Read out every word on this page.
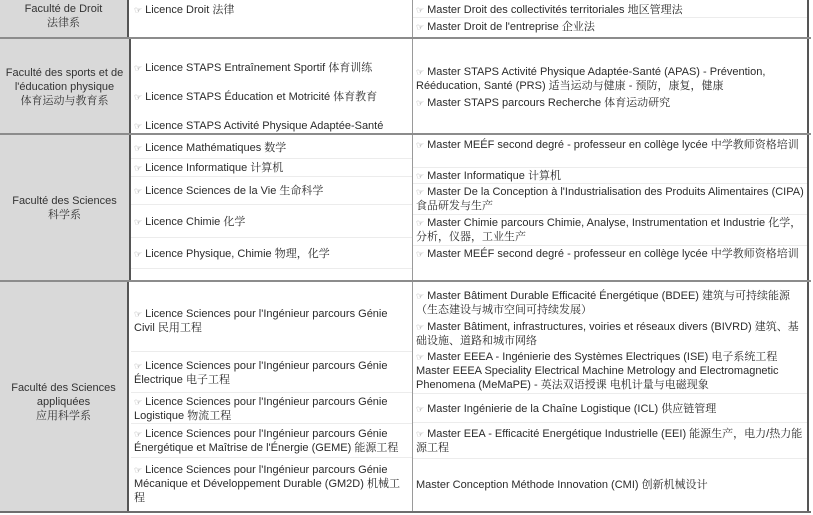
Faculté de Droit
法律系
☞ Licence Droit 法律	☞ Master Droit des collectivités territoriales 地区管理法
☞ Master Droit de l'entreprise 企业法
Faculté des sports et de
l'éducation physique
体育运动与教育系
☞ Licence STAPS Entraînement Sportif 体育训练
☞ Licence STAPS Éducation et Motricité 体育教育
☞ Licence STAPS Activité Physique Adaptée-Santé
☞ Master STAPS Activité Physique Adaptée-Santé (APAS) - Prévention, Rééducation, Santé (PRS) 适当运动与健康 - 预防，康复，健康
☞ Master STAPS parcours Recherche 体育运动研究
Faculté des Sciences
科学系
☞ Licence Mathématiques 数学
☞ Licence Informatique 计算机
☞ Licence Sciences de la Vie 生命科学
☞ Licence Chimie 化学
☞ Licence Physique, Chimie 物理，化学
☞ Master MEÉF second degré - professeur en collège lycée 中学教师资格培训
☞ Master Informatique 计算机
☞ Master De la Conception à l'Industrialisation des Produits Alimentaires (CIPA) 食品研发与生产
☞ Master Chimie parcours Chimie, Analyse, Instrumentation et Industrie 化学，分析，仪器，工业生产
☞ Master MEÉF second degré - professeur en collège lycée 中学教师资格培训
Faculté des Sciences
appliquées
应用科学系
☞ Licence Sciences pour l'Ingénieur parcours Génie Civil 民用工程
☞ Licence Sciences pour l'Ingénieur parcours Génie Électrique 电子工程
☞ Licence Sciences pour l'Ingénieur parcours Génie Logistique 物流工程
☞ Licence Sciences pour l'Ingénieur parcours Génie Énergétique et Maîtrise de l'Énergie (GEME) 能源工程
☞ Licence Sciences pour l'Ingénieur parcours Génie Mécanique et Développement Durable (GM2D) 机械工程
☞ Master Bâtiment Durable Efficacité Énergétique (BDEE) 建筑与可持续能源（生态建设与城市空间可持续发展）
☞ Master Bâtiment, infrastructures, voiries et réseaux divers (BIVRD) 建筑、基础设施、道路和城市网络
☞ Master EEEA - Ingénierie des Systèmes Electriques (ISE) 电子系统工程 Master EEEA Speciality Electrical Machine Metrology and Electromagnetic Phenomena (MeMaPE) - 英法双语授课 电机计量与电磁现象
☞ Master Ingénierie de la Chaîne Logistique (ICL) 供应链管理
☞ Master EEA - Efficacité Energétique Industrielle (EEI) 能源生产，电力/热力能源工程
Master Conception Méthode Innovation (CMI) 创新机械设计
